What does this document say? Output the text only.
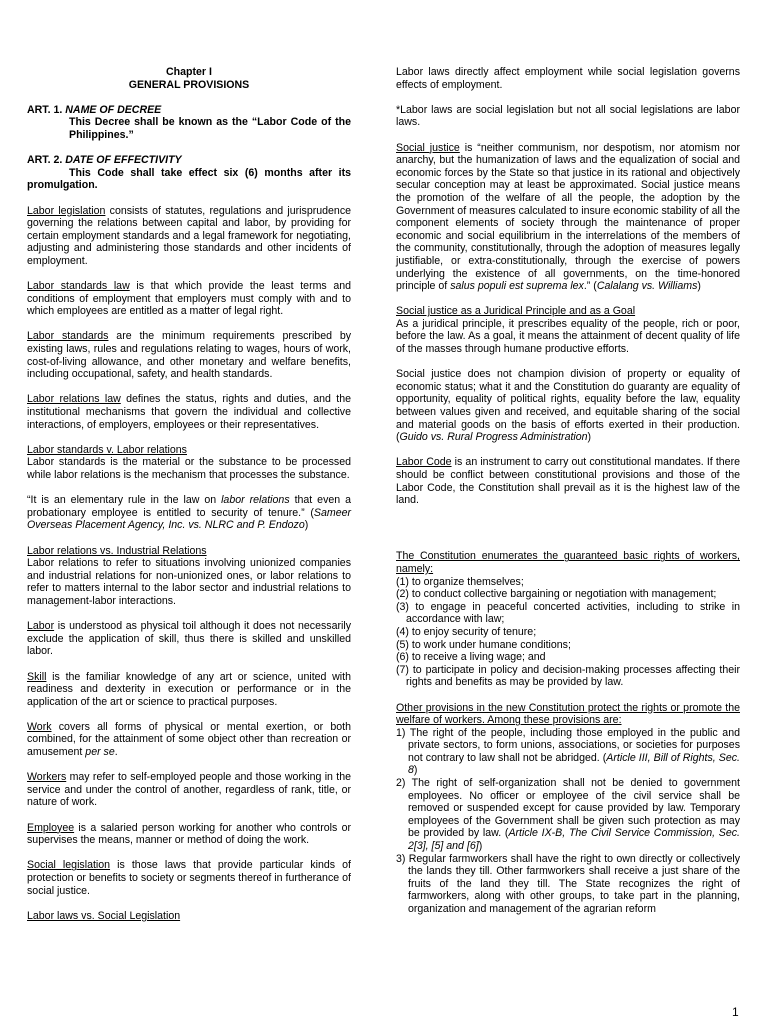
Chapter I

GENERAL PROVISIONS

ART. 1. NAME OF DECREE

This Decree shall be known as the “Labor Code of the Philippines.”

ART. 2. DATE OF EFFECTIVITY

This Code shall take effect six (6) months after its promulgation.

Labor legislation consists of statutes, regulations and jurisprudence governing the relations between capital and labor, by providing for certain employment standards and a legal framework for negotiating, adjusting and administering those standards and other incidents of employment.

Labor standards law is that which provide the least terms and conditions of employment that employers must comply with and to which employees are entitled as a matter of legal right.

Labor standards are the minimum requirements prescribed by existing laws, rules and regulations relating to wages, hours of work, cost-of-living allowance, and other monetary and welfare benefits, including occupational, safety, and health standards.

Labor relations law defines the status, rights and duties, and the institutional mechanisms that govern the individual and collective interactions, of employers, employees or their representatives.

Labor standards v. Labor relations

Labor standards is the material or the substance to be processed while labor relations is the mechanism that processes the substance.

“It is an elementary rule in the law on labor relations that even a probationary employee is entitled to security of tenure.” (Sameer Overseas Placement Agency, Inc. vs. NLRC and P. Endozo)

Labor relations vs. Industrial Relations

Labor relations to refer to situations involving unionized companies and industrial relations for non-unionized ones, or labor relations to refer to matters internal to the labor sector and industrial relations to management-labor interactions.

Labor is understood as physical toil although it does not necessarily exclude the application of skill, thus there is skilled and unskilled labor.

Skill is the familiar knowledge of any art or science, united with readiness and dexterity in execution or performance or in the application of the art or science to practical purposes.

Work covers all forms of physical or mental exertion, or both combined, for the attainment of some object other than recreation or amusement per se.

Workers may refer to self-employed people and those working in the service and under the control of another, regardless of rank, title, or nature of work.

Employee is a salaried person working for another who controls or supervises the means, manner or method of doing the work.

Social legislation is those laws that provide particular kinds of protection or benefits to society or segments thereof in furtherance of social justice.

Labor laws vs. Social Legislation

Labor laws directly affect employment while social legislation governs effects of employment.

*Labor laws are social legislation but not all social legislations are labor laws.

Social justice is “neither communism, nor despotism, nor atomism nor anarchy, but the humanization of laws and the equalization of social and economic forces by the State so that justice in its rational and objectively secular conception may at least be approximated. Social justice means the promotion of the welfare of all the people, the adoption by the Government of measures calculated to insure economic stability of all the component elements of society through the maintenance of proper economic and social equilibrium in the interrelations of the members of the community, constitutionally, through the adoption of measures legally justifiable, or extra-constitutionally, through the exercise of powers underlying the existence of all governments, on the time-honored principle of salus populi est suprema lex.” (Calalang vs. Williams)

Social justice as a Juridical Principle and as a Goal

As a juridical principle, it prescribes equality of the people, rich or poor, before the law. As a goal, it means the attainment of decent quality of life of the masses through humane productive efforts.

Social justice does not champion division of property or equality of economic status; what it and the Constitution do guaranty are equality of opportunity, equality of political rights, equality before the law, equality between values given and received, and equitable sharing of the social and material goods on the basis of efforts exerted in their production. (Guido vs. Rural Progress Administration)

Labor Code is an instrument to carry out constitutional mandates. If there should be conflict between constitutional provisions and those of the Labor Code, the Constitution shall prevail as it is the highest law of the land.

The Constitution enumerates the guaranteed basic rights of workers, namely:

(1) to organize themselves;

(2) to conduct collective bargaining or negotiation with management;

(3) to engage in peaceful concerted activities, including to strike in accordance with law;

(4) to enjoy security of tenure;

(5) to work under humane conditions;

(6) to receive a living wage; and

(7) to participate in policy and decision-making processes affecting their rights and benefits as may be provided by law.

Other provisions in the new Constitution protect the rights or promote the welfare of workers. Among these provisions are:

1) The right of the people, including those employed in the public and private sectors, to form unions, associations, or societies for purposes not contrary to law shall not be abridged. (Article III, Bill of Rights, Sec. 8)

2) The right of self-organization shall not be denied to government employees. No officer or employee of the civil service shall be removed or suspended except for cause provided by law. Temporary employees of the Government shall be given such protection as may be provided by law. (Article IX-B, The Civil Service Commission, Sec. 2[3], [5] and [6])

3) Regular farmworkers shall have the right to own directly or collectively the lands they till. Other farmworkers shall receive a just share of the fruits of the land they till. The State recognizes the right of farmworkers, along with other groups, to take part in the planning, organization and management of the agrarian reform

1
